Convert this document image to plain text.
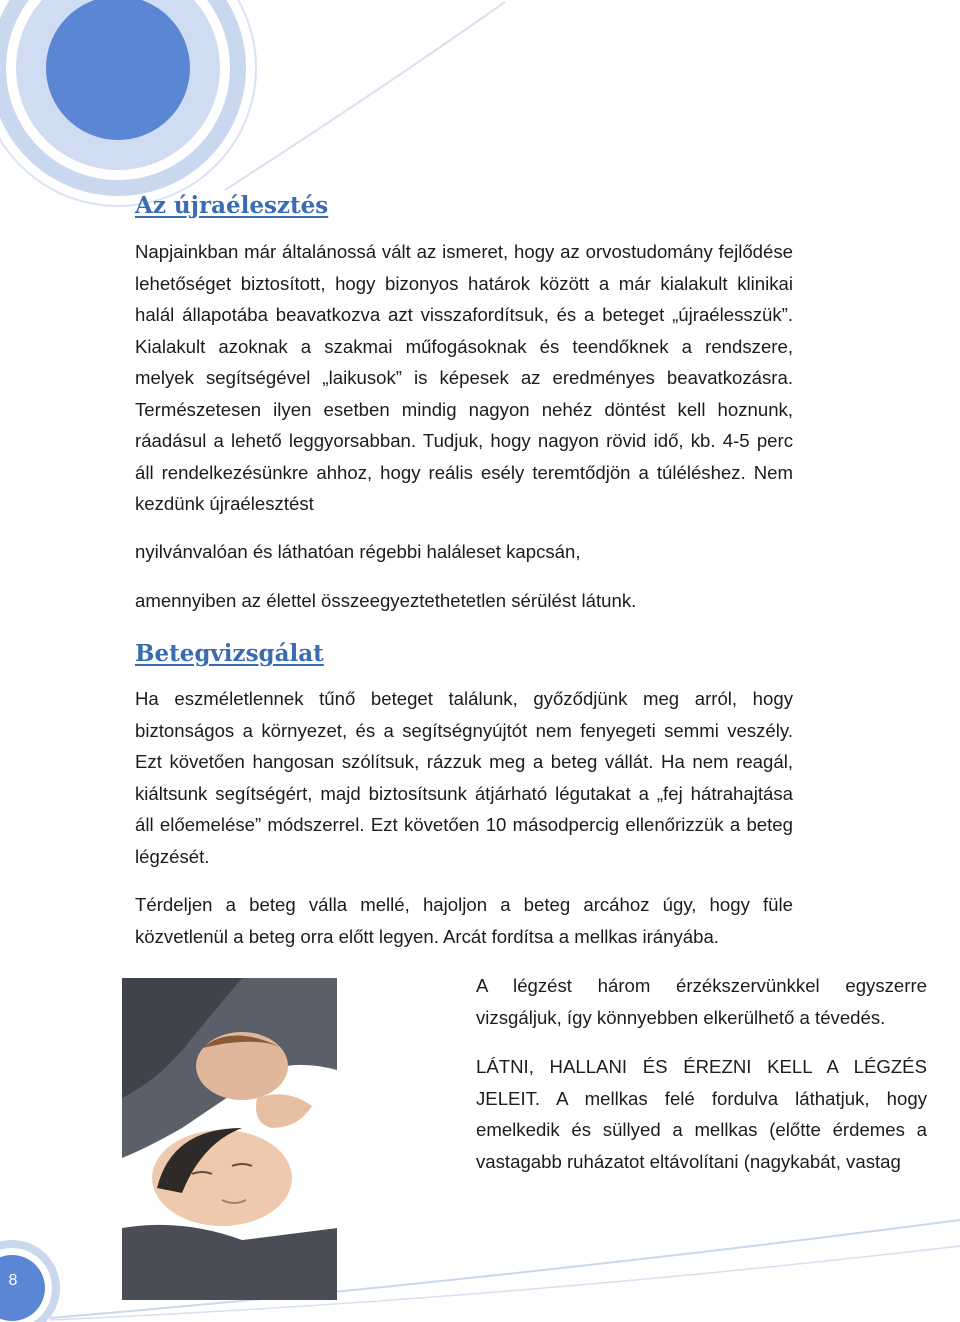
Az újraélesztés

Napjainkban már általánossá vált az ismeret, hogy az orvostudomány fejlődése lehetőséget biztosított, hogy bizonyos határok között a már kialakult klinikai halál állapotába beavatkozva azt visszafordítsuk, és a beteget „újraélesszük”. Kialakult azoknak a szakmai műfogásoknak és teendőknek a rendszere, melyek segítségével „laikusok” is képesek az eredményes beavatkozásra. Természetesen ilyen esetben mindig nagyon nehéz döntést kell hoznunk, ráadásul a lehető leggyorsabban. Tudjuk, hogy nagyon rövid idő, kb. 4-5 perc áll rendelkezésünkre ahhoz, hogy reális esély teremtődjön a túléléshez. Nem kezdünk újraélesztést

nyilvánvalóan és láthatóan régebbi haláleset kapcsán,

amennyiben az élettel összeegyeztethetetlen sérülést látunk.

Betegvizsgálat

Ha eszméletlennek tűnő beteget találunk, győződjünk meg arról, hogy biztonságos a környezet, és a segítségnyújtót nem fenyegeti semmi veszély. Ezt követően hangosan szólítsuk, rázzuk meg a beteg vállát. Ha nem reagál, kiáltsunk segítségért, majd biztosítsunk átjárható légutakat a „fej hátrahajtása áll előemelése” módszerrel. Ezt követően 10 másodpercig ellenőrizzük a beteg légzését.

Térdeljen a beteg válla mellé, hajoljon a beteg arcához úgy, hogy füle közvetlenül a beteg orra előtt legyen. Arcát fordítsa a mellkas irányába.

A légzést három érzékszervünkkel egyszerre vizsgáljuk, így könnyebben elkerülhető a tévedés.

LÁTNI, HALLANI ÉS ÉREZNI KELL A LÉGZÉS JELEIT. A mellkas felé fordulva láthatjuk, hogy emelkedik és süllyed a mellkas (előtte érdemes a vastagabb ruházatot eltávolítani (nagykabát, vastag

8
